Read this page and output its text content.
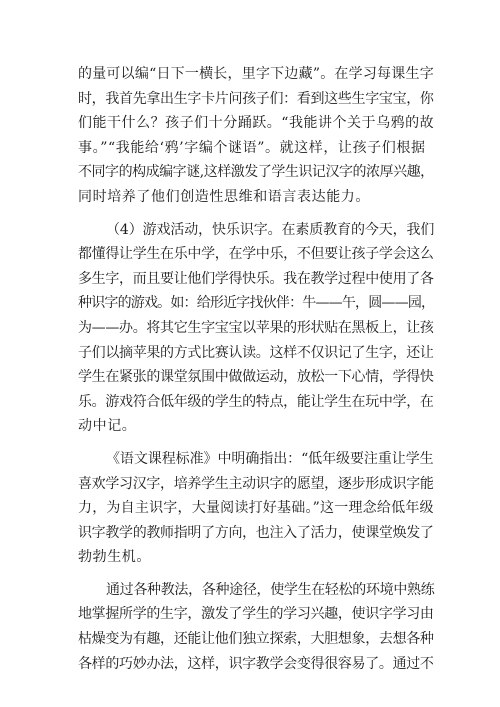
的量可以编“日下一横长，里字下边藏”。在学习每课生字
时，我首先拿出生字卡片问孩子们：看到这些生字宝宝，你
们能干什么？孩子们十分踊跃。“我能讲个关于乌鸦的故
事。”“我能给‘鸦’字编个谜语”。就这样，让孩子们根据
不同字的构成编字谜,这样激发了学生识记汉字的浓厚兴趣，
同时培养了他们创造性思维和语言表达能力。
（4）游戏活动，快乐识字。在素质教育的今天，我们
都懂得让学生在乐中学，在学中乐，不但要让孩子学会这么
多生字，而且要让他们学得快乐。我在教学过程中使用了各
种识字的游戏。如：给形近字找伙伴：牛——午，圆——园，
为——办。将其它生字宝宝以苹果的形状贴在黑板上，让孩
子们以摘苹果的方式比赛认读。这样不仅识记了生字，还让
学生在紧张的课堂氛围中做做运动，放松一下心情，学得快
乐。游戏符合低年级的学生的特点，能让学生在玩中学，在
动中记。
《语文课程标准》中明确指出：“低年级要注重让学生
喜欢学习汉字，培养学生主动识字的愿望，逐步形成识字能
力，为自主识字，大量阅读打好基础。”这一理念给低年级
识字教学的教师指明了方向，也注入了活力，使课堂焕发了
勃勃生机。
通过各种教法，各种途径，使学生在轻松的环境中熟练
地掌握所学的生字，激发了学生的学习兴趣，使识字学习由
枯燥变为有趣，还能让他们独立探索，大胆想象，去想各种
各样的巧妙办法，这样，识字教学会变得很容易了。通过不
